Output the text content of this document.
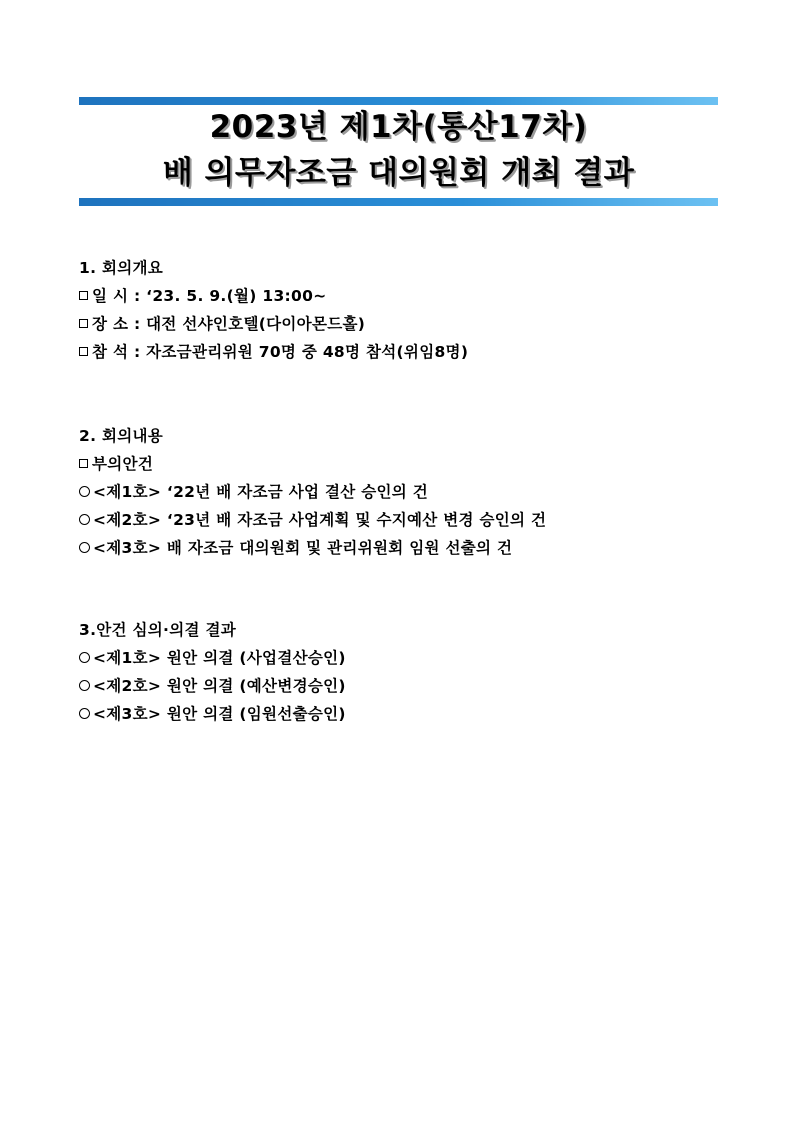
2023년 제1차(통산17차)
배 의무자조금 대의원회 개최 결과
1. 회의개요
일 시 : ‘23. 5. 9.(월) 13:00~
장 소 : 대전 선샤인호텔(다이아몬드홀)
참 석 : 자조금관리위원 70명 중 48명 참석(위임8명)
2. 회의내용
부의안건
<제1호> ‘22년 배 자조금 사업 결산 승인의 건
<제2호> ‘23년 배 자조금 사업계획 및 수지예산 변경 승인의 건
<제3호> 배 자조금 대의원회 및 관리위원회 임원 선출의 건
3.안건 심의·의결 결과
<제1호> 원안 의결 (사업결산승인)
<제2호> 원안 의결 (예산변경승인)
<제3호> 원안 의결 (임원선출승인)
